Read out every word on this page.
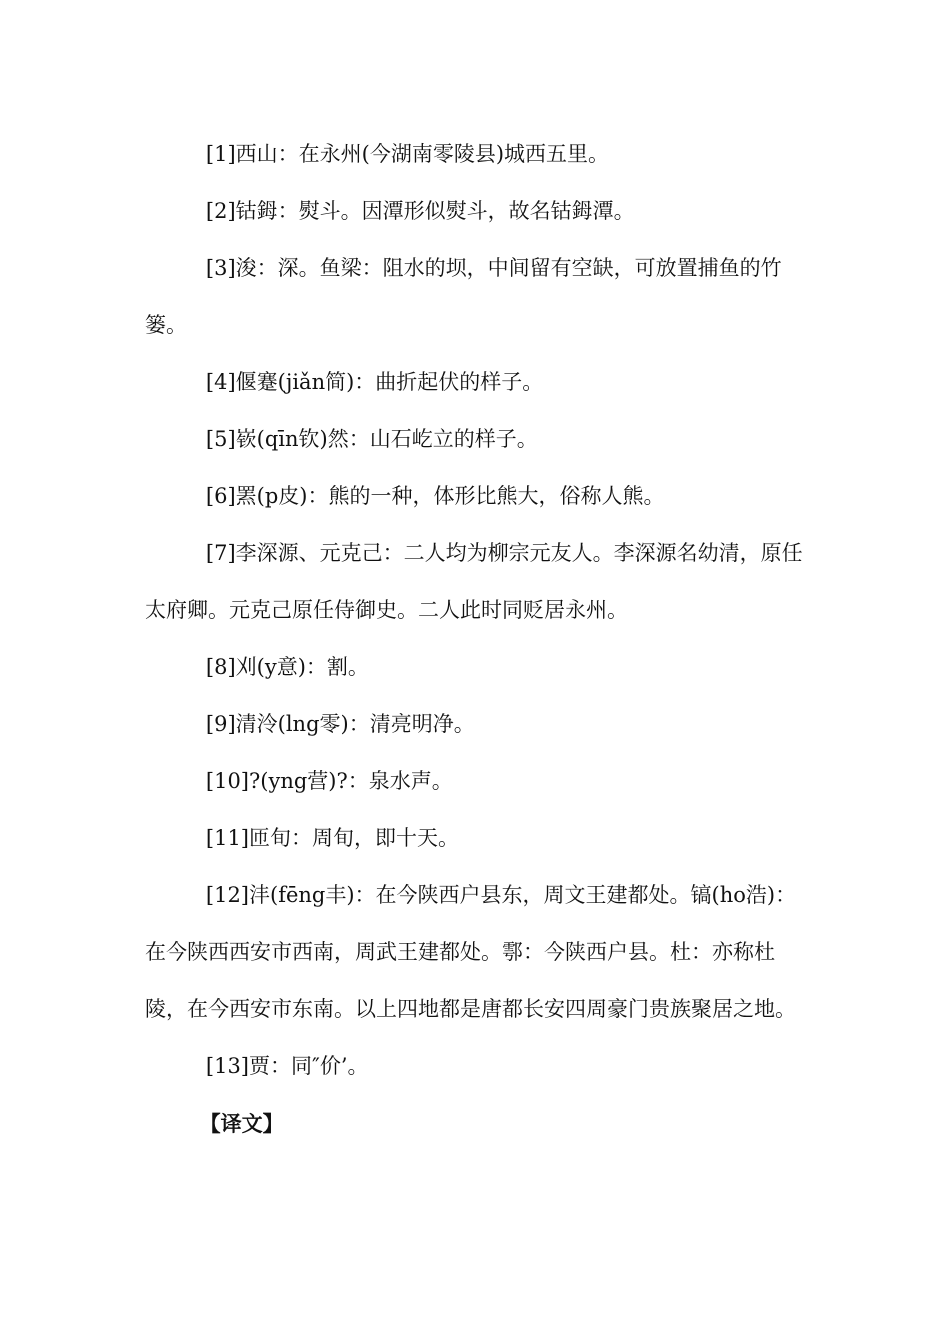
[1]西山：在永州(今湖南零陵县)城西五里。

[2]钴鉧：熨斗。因潭形似熨斗，故名钴鉧潭。

[3]浚：深。鱼梁：阻水的坝，中间留有空缺，可放置捕鱼的竹篓。

[4]偃蹇(jiǎn简)：曲折起伏的样子。

[5]嵚(qīn钦)然：山石屹立的样子。

[6]罴(p皮)：熊的一种，体形比熊大，俗称人熊。

[7]李深源、元克己：二人均为柳宗元友人。李深源名幼清，原任太府卿。元克己原任侍御史。二人此时同贬居永州。

[8]刈(y意)：割。

[9]清泠(lng零)：清亮明净。

[10]?(yng营)?：泉水声。

[11]匝旬：周旬，即十天。

[12]沣(fēng丰)：在今陕西户县东，周文王建都处。镐(ho浩)：在今陕西西安市西南，周武王建都处。鄠：今陕西户县。杜：亦称杜陵，在今西安市东南。以上四地都是唐都长安四周豪门贵族聚居之地。

[13]贾：同″价’。

【译文】
